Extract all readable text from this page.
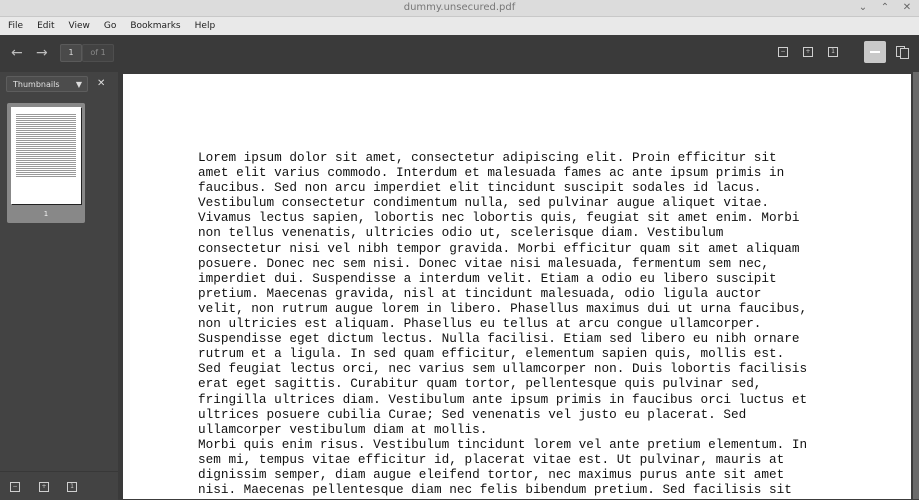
dummy.unsecured.pdf	⌄ ⌃ ✕
File	Edit	View	Go	Bookmarks	Help
← →	1	of 1	−	+	1
Thumbnails ▼ ✕
1
−	+	1
Lorem ipsum dolor sit amet, consectetur adipiscing elit. Proin efficitur sit
amet elit varius commodo. Interdum et malesuada fames ac ante ipsum primis in
faucibus. Sed non arcu imperdiet elit tincidunt suscipit sodales id lacus.
Vestibulum consectetur condimentum nulla, sed pulvinar augue aliquet vitae.
Vivamus lectus sapien, lobortis nec lobortis quis, feugiat sit amet enim. Morbi
non tellus venenatis, ultricies odio ut, scelerisque diam. Vestibulum
consectetur nisi vel nibh tempor gravida. Morbi efficitur quam sit amet aliquam
posuere. Donec nec sem nisi. Donec vitae nisi malesuada, fermentum sem nec,
imperdiet dui. Suspendisse a interdum velit. Etiam a odio eu libero suscipit
pretium. Maecenas gravida, nisl at tincidunt malesuada, odio ligula auctor
velit, non rutrum augue lorem in libero. Phasellus maximus dui ut urna faucibus,
non ultricies est aliquam. Phasellus eu tellus at arcu congue ullamcorper.
Suspendisse eget dictum lectus. Nulla facilisi. Etiam sed libero eu nibh ornare
rutrum et a ligula. In sed quam efficitur, elementum sapien quis, mollis est.
Sed feugiat lectus orci, nec varius sem ullamcorper non. Duis lobortis facilisis
erat eget sagittis. Curabitur quam tortor, pellentesque quis pulvinar sed,
fringilla ultrices diam. Vestibulum ante ipsum primis in faucibus orci luctus et
ultrices posuere cubilia Curae; Sed venenatis vel justo eu placerat. Sed
ullamcorper vestibulum diam at mollis.
Morbi quis enim risus. Vestibulum tincidunt lorem vel ante pretium elementum. In
sem mi, tempus vitae efficitur id, placerat vitae est. Ut pulvinar, mauris at
dignissim semper, diam augue eleifend tortor, nec maximus purus ante sit amet
nisi. Maecenas pellentesque diam nec felis bibendum pretium. Sed facilisis sit
